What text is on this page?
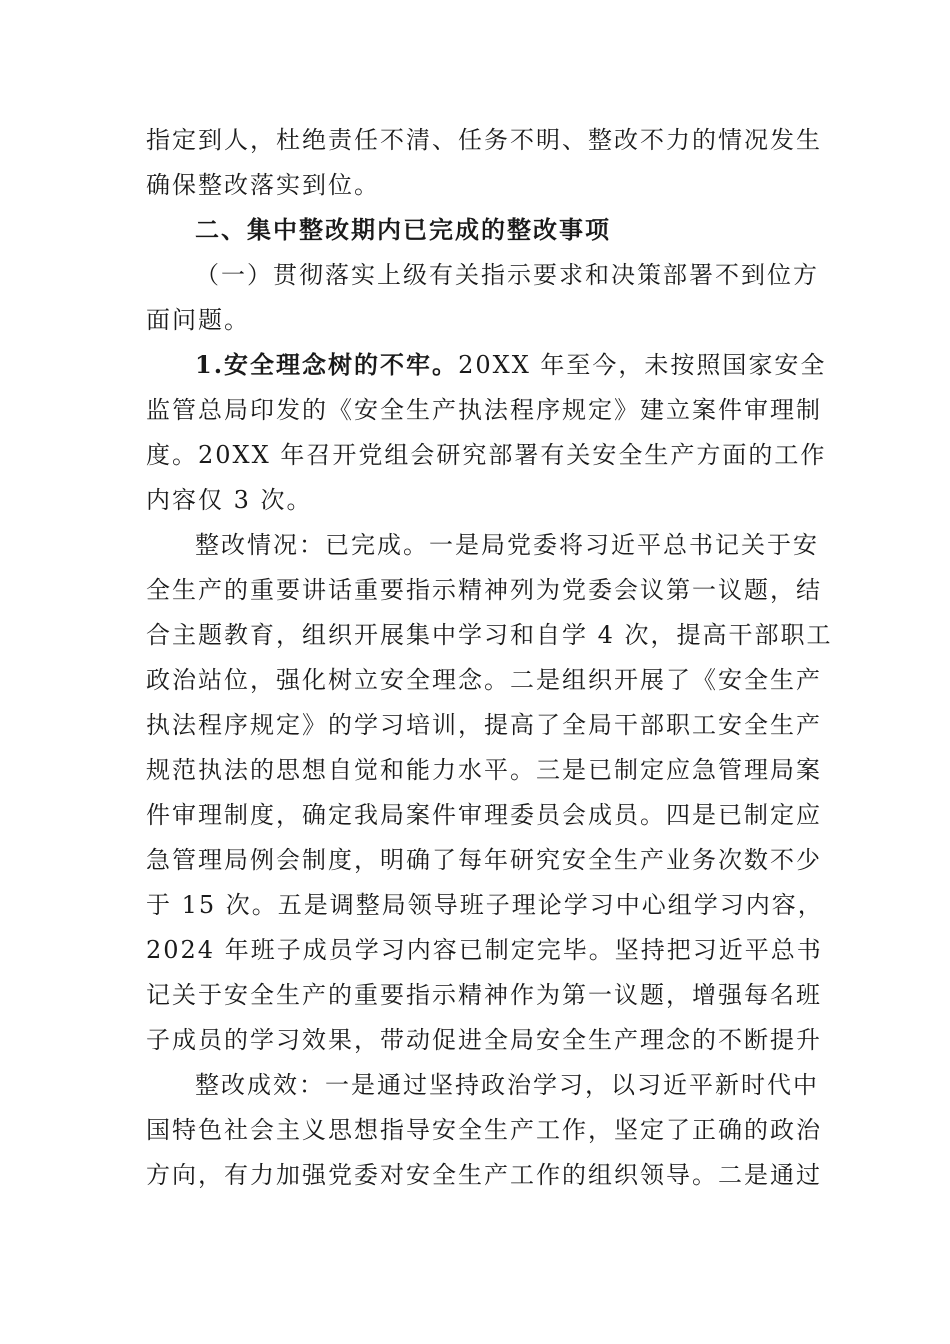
指定到人，杜绝责任不清、任务不明、整改不力的情况发生
确保整改落实到位。
二、集中整改期内已完成的整改事项
（一）贯彻落实上级有关指示要求和决策部署不到位方
面问题。
1.安全理念树的不牢。20XX 年至今，未按照国家安全
监管总局印发的《安全生产执法程序规定》建立案件审理制
度。20XX 年召开党组会研究部署有关安全生产方面的工作
内容仅 3 次。
整改情况：已完成。一是局党委将习近平总书记关于安
全生产的重要讲话重要指示精神列为党委会议第一议题，结
合主题教育，组织开展集中学习和自学 4 次，提高干部职工
政治站位，强化树立安全理念。二是组织开展了《安全生产
执法程序规定》的学习培训，提高了全局干部职工安全生产
规范执法的思想自觉和能力水平。三是已制定应急管理局案
件审理制度，确定我局案件审理委员会成员。四是已制定应
急管理局例会制度，明确了每年研究安全生产业务次数不少
于 15 次。五是调整局领导班子理论学习中心组学习内容，
2024 年班子成员学习内容已制定完毕。坚持把习近平总书
记关于安全生产的重要指示精神作为第一议题，增强每名班
子成员的学习效果，带动促进全局安全生产理念的不断提升
整改成效：一是通过坚持政治学习，以习近平新时代中
国特色社会主义思想指导安全生产工作，坚定了正确的政治
方向，有力加强党委对安全生产工作的组织领导。二是通过
